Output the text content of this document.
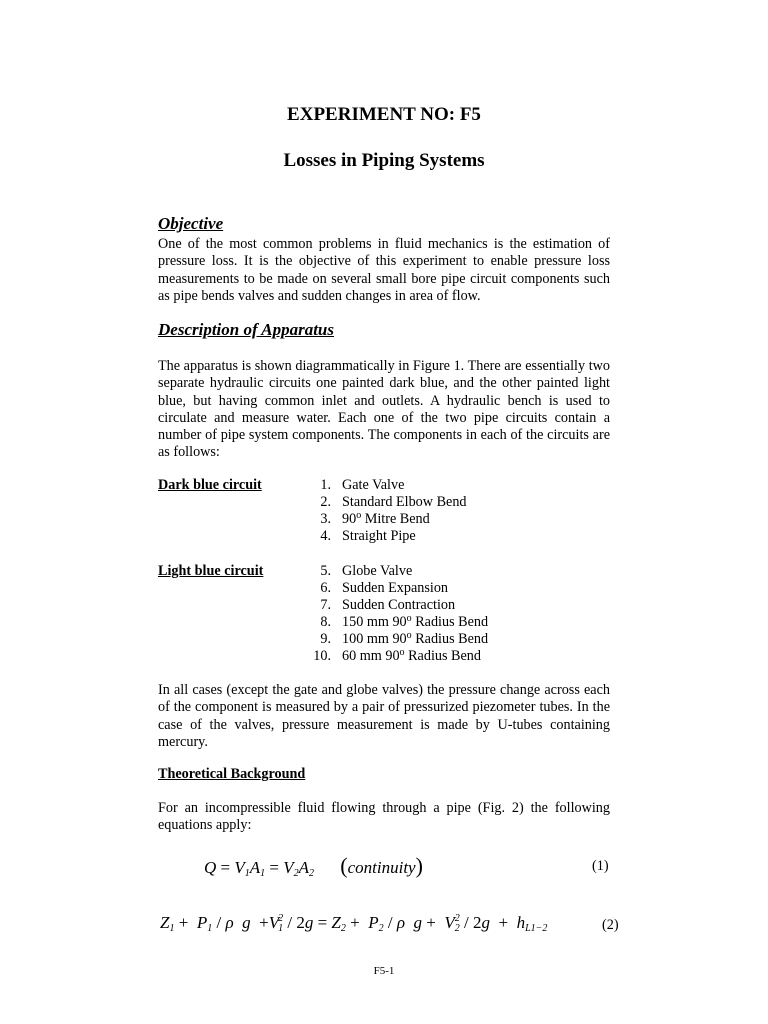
EXPERIMENT NO: F5
Losses in Piping Systems
Objective
One of the most common problems in fluid mechanics is the estimation of pressure loss. It is the objective of this experiment to enable pressure loss measurements to be made on several small bore pipe circuit components such as pipe bends valves and sudden changes in area of flow.
Description of Apparatus
The apparatus is shown diagrammatically in Figure 1. There are essentially two separate hydraulic circuits one painted dark blue, and the other painted light blue, but having common inlet and outlets. A hydraulic bench is used to circulate and measure water. Each one of the two pipe circuits contain a number of pipe system components. The components in each of the circuits are as follows:
Dark blue circuit	1. Gate Valve
2. Standard Elbow Bend
3. 90$^o$ Mitre Bend
4. Straight Pipe
Light blue circuit	5. Globe Valve
6. Sudden Expansion
7. Sudden Contraction
8. 150 mm 90$^o$ Radius Bend
9. 100 mm 90$^o$ Radius Bend
10. 60 mm 90$^o$ Radius Bend
In all cases (except the gate and globe valves) the pressure change across each of the component is measured by a pair of pressurized piezometer tubes. In the case of the valves, pressure measurement is made by U-tubes containing mercury.
Theoretical Background
For an incompressible fluid flowing through a pipe (Fig. 2) the following equations apply:
$Q = V_1A_1 = V_2A_2$ (continuity)	(1)
$Z_1 + P_1 / \rho$  $g +V_1^2 / 2g = Z_2 + P_2 / \rho$  $g + V_2^2 / 2g + h_{L1-2}$	(2)
F5-1
